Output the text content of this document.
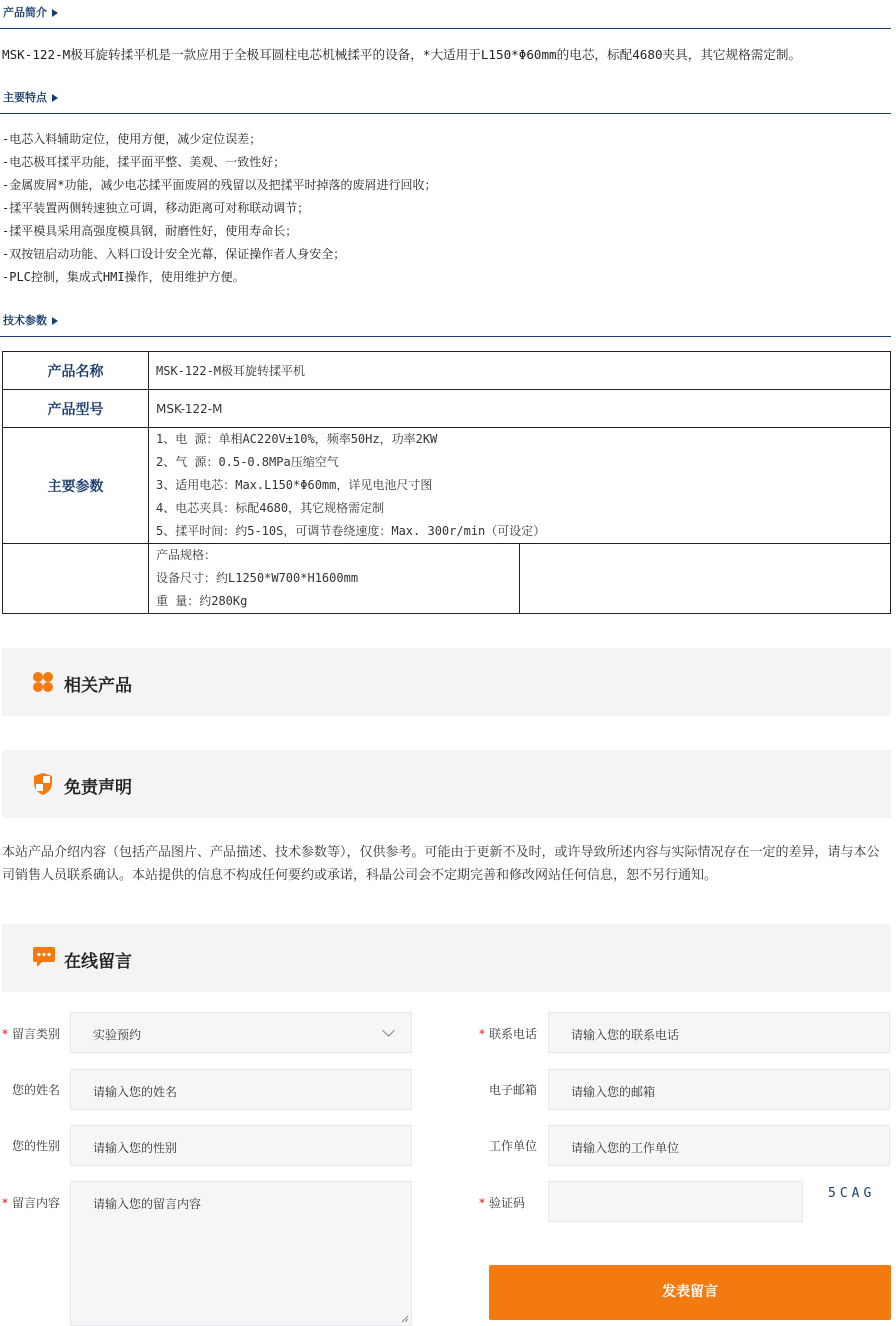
产品简介
MSK-122-M极耳旋转揉平机是一款应用于全极耳圆柱电芯机械揉平的设备，*大适用于L150*Φ60mm的电芯，标配4680夹具，其它规格需定制。
主要特点
-电芯入料辅助定位，使用方便，减少定位误差；
-电芯极耳揉平功能，揉平面平整、美观、一致性好；
-金属废屑*功能，减少电芯揉平面废屑的残留以及把揉平时掉落的废屑进行回收；
-揉平装置两侧转速独立可调，移动距离可对称联动调节；
-揉平模具采用高强度模具钢，耐磨性好，使用寿命长；
-双按钮启动功能、入料口设计安全光幕，保证操作者人身安全；
-PLC控制，集成式HMI操作，使用维护方便。
技术参数
产品名称	MSK-122-M极耳旋转揉平机	
产品型号	MSK-122-M	
主要参数	1、电 源：单相AC220V±10%，频率50Hz，功率2KW
2、气 源：0.5-0.8MPa压缩空气
3、适用电芯：Max.L150*Φ60mm，详见电池尺寸图
4、电芯夹具：标配4680，其它规格需定制
5、揉平时间：约5-10S，可调节卷绕速度：Max. 300r/min（可设定）	

	产品规格：
设备尺寸：约L1250*W700*H1600mm
重 量：约280Kg	

相关产品
免责声明
本站产品介绍内容（包括产品图片、产品描述、技术参数等），仅供参考。可能由于更新不及时，或许导致所述内容与实际情况存在一定的差异，请与本公司销售人员联系确认。本站提供的信息不构成任何要约或承诺，科晶公司会不定期完善和修改网站任何信息，恕不另行通知。
在线留言
* 留言类别	实验预约	* 联系电话	请输入您的联系电话
您的姓名	请输入您的姓名	电子邮箱	请输入您的邮箱
您的性别	请输入您的性别	工作单位	请输入您的工作单位
* 留言内容	请输入您的留言内容	* 验证码
5CAG
发表留言
